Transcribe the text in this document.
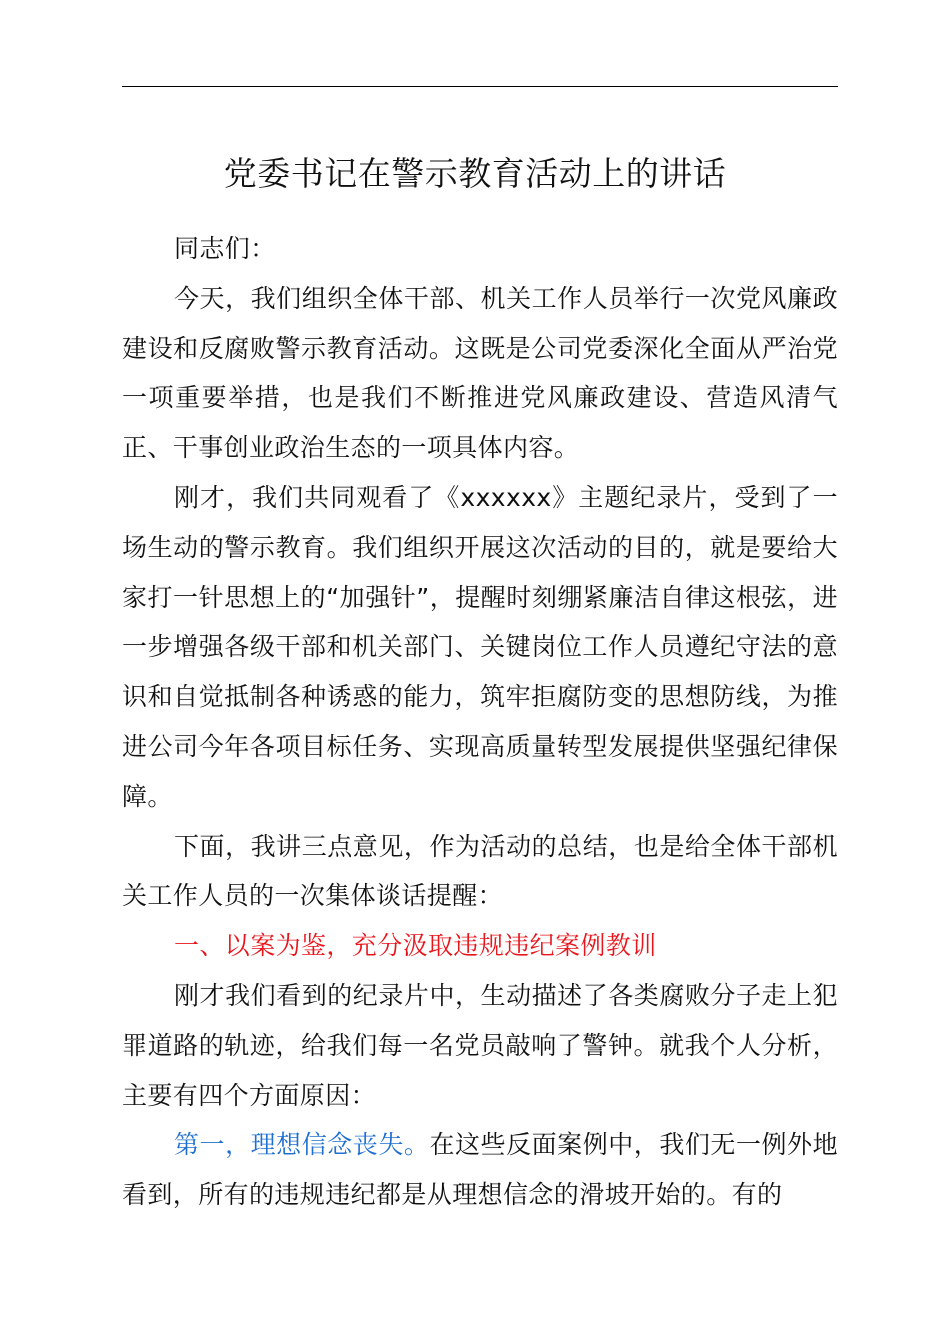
党委书记在警示教育活动上的讲话

同志们：

今天，我们组织全体干部、机关工作人员举行一次党风廉政建设和反腐败警示教育活动。这既是公司党委深化全面从严治党一项重要举措，也是我们不断推进党风廉政建设、营造风清气正、干事创业政治生态的一项具体内容。

刚才，我们共同观看了《xxxxxx》主题纪录片，受到了一场生动的警示教育。我们组织开展这次活动的目的，就是要给大家打一针思想上的“加强针”，提醒时刻绷紧廉洁自律这根弦，进一步增强各级干部和机关部门、关键岗位工作人员遵纪守法的意识和自觉抵制各种诱惑的能力，筑牢拒腐防变的思想防线，为推进公司今年各项目标任务、实现高质量转型发展提供坚强纪律保障。

下面，我讲三点意见，作为活动的总结，也是给全体干部机关工作人员的一次集体谈话提醒：

一、以案为鉴，充分汲取违规违纪案例教训

刚才我们看到的纪录片中，生动描述了各类腐败分子走上犯罪道路的轨迹，给我们每一名党员敲响了警钟。就我个人分析，主要有四个方面原因：

第一，理想信念丧失。在这些反面案例中，我们无一例外地看到，所有的违规违纪都是从理想信念的滑坡开始的。有的
